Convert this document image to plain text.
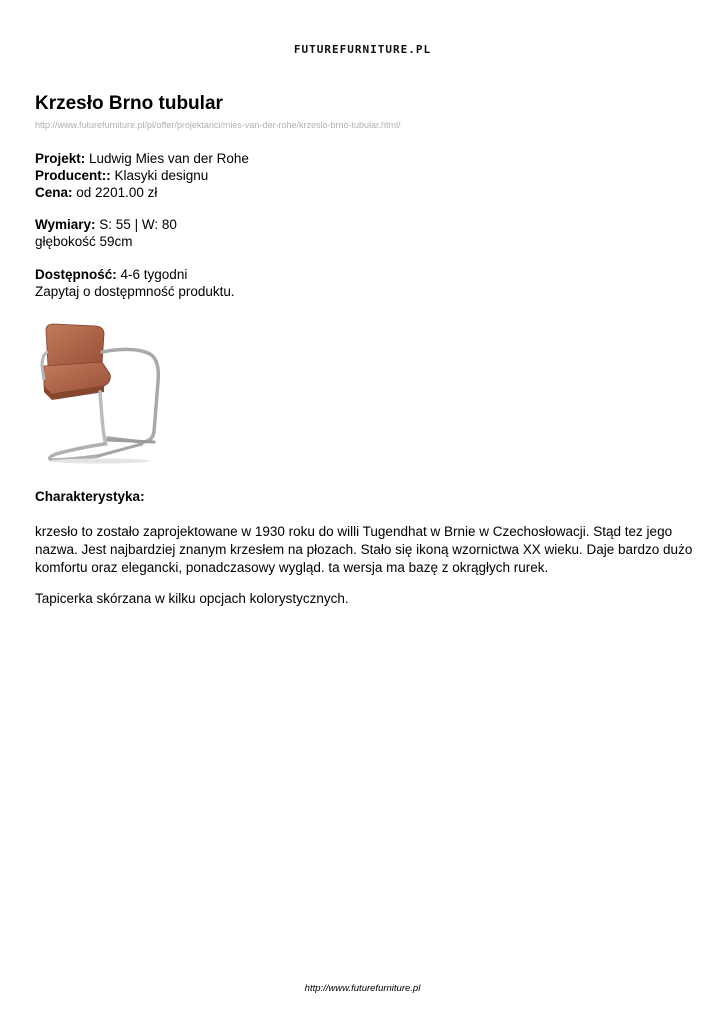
FUTUREFURNITURE.PL
Krzesło Brno tubular
http://www.futurefurniture.pl/pl/offer/projektanci/mies-van-der-rohe/krzeslo-brno-tubular.html/
Projekt: Ludwig Mies van der Rohe
Producent:: Klasyki designu
Cena: od 2201.00 zł
Wymiary: S: 55 | W: 80
głębokość 59cm
Dostępność: 4-6 tygodni
Zapytaj o dostępmność produktu.
Charakterystyka:
krzesło to zostało zaprojektowane w 1930 roku do willi Tugendhat w Brnie w Czechosłowacji. Stąd tez jego nazwa. Jest najbardziej znanym krzesłem na płozach. Stało się ikoną wzornictwa XX wieku. Daje bardzo dużo komfortu oraz elegancki, ponadczasowy wygląd. ta wersja ma bazę z okrągłych rurek.
Tapicerka skórzana w kilku opcjach kolorystycznych.
http://www.futurefurniture.pl
